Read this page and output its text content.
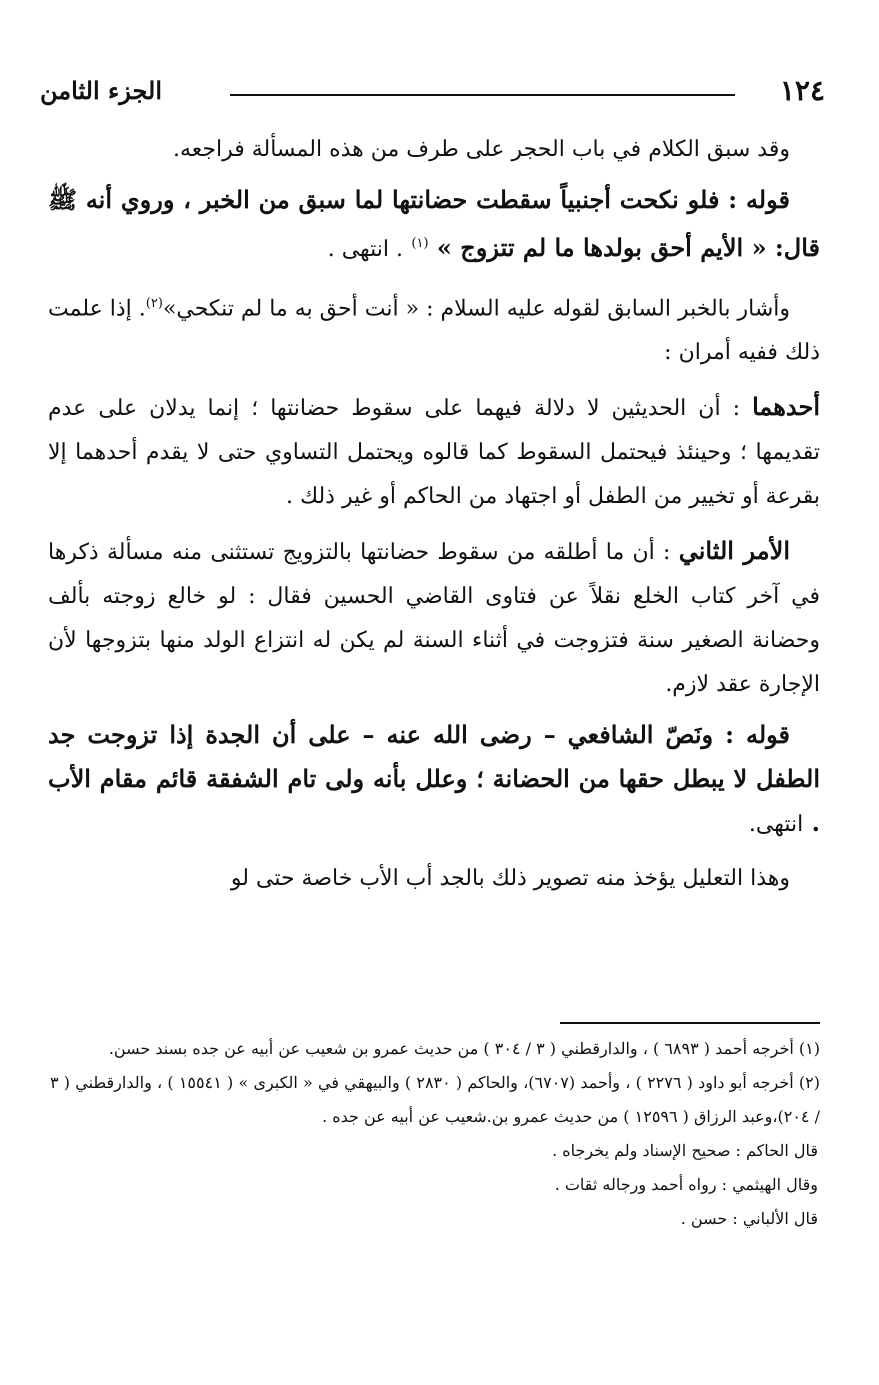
١٢٤
الجزء الثامن

وقد سبق الكلام في باب الحجر على طرف من هذه المسألة فراجعه.

قوله : فلو نكحت أجنبياً سقطت حضانتها لما سبق من الخبر ، وروي أنه ﷺ قال: « الأيم أحق بولدها ما لم تتزوج » $^{(١)}$ . انتهى .

وأشار بالخبر السابق لقوله عليه السلام : « أنت أحق به ما لم تنكحي»$^{(٢)}$. إذا علمت ذلك ففيه أمران :

أحدهما : أن الحديثين لا دلالة فيهما على سقوط حضانتها ؛ إنما يدلان على عدم تقديمها ؛ وحينئذ فيحتمل السقوط كما قالوه ويحتمل التساوي حتى لا يقدم أحدهما إلا بقرعة أو تخيير من الطفل أو اجتهاد من الحاكم أو غير ذلك .

الأمر الثاني : أن ما أطلقه من سقوط حضانتها بالتزويج تستثنى منه مسألة ذكرها في آخر كتاب الخلع نقلاً عن فتاوى القاضي الحسين فقال : لو خالع زوجته بألف وحضانة الصغير سنة فتزوجت في أثناء السنة لم يكن له انتزاع الولد منها بتزوجها لأن الإجارة عقد لازم.

قوله : ونَصّ الشافعي – رضى الله عنه – على أن الجدة إذا تزوجت جد الطفل لا يبطل حقها من الحضانة ؛ وعلل بأنه ولى تام الشفقة قائم مقام الأب . انتهى.

وهذا التعليل يؤخذ منه تصوير ذلك بالجد أب الأب خاصة حتى لو

(١) أخرجه أحمد ( ٦٨٩٣ ) ، والدارقطني ( ٣ / ٣٠٤ ) من حديث عمرو بن شعيب عن أبيه عن جده بسند حسن.

(٢) أخرجه أبو داود ( ٢٢٧٦ ) ، وأحمد (٦٧٠٧)، والحاكم ( ٢٨٣٠ ) والبيهقي في « الكبرى » ( ١٥٥٤١ ) ، والدارقطني ( ٣ / ٢٠٤)،وعبد الرزاق ( ١٢٥٩٦ ) من حديث عمرو بن.شعيب عن أبيه عن جده .

قال الحاكم : صحيح الإسناد ولم يخرجاه .

وقال الهيثمي : رواه أحمد ورجاله ثقات .

قال الألباني : حسن .
